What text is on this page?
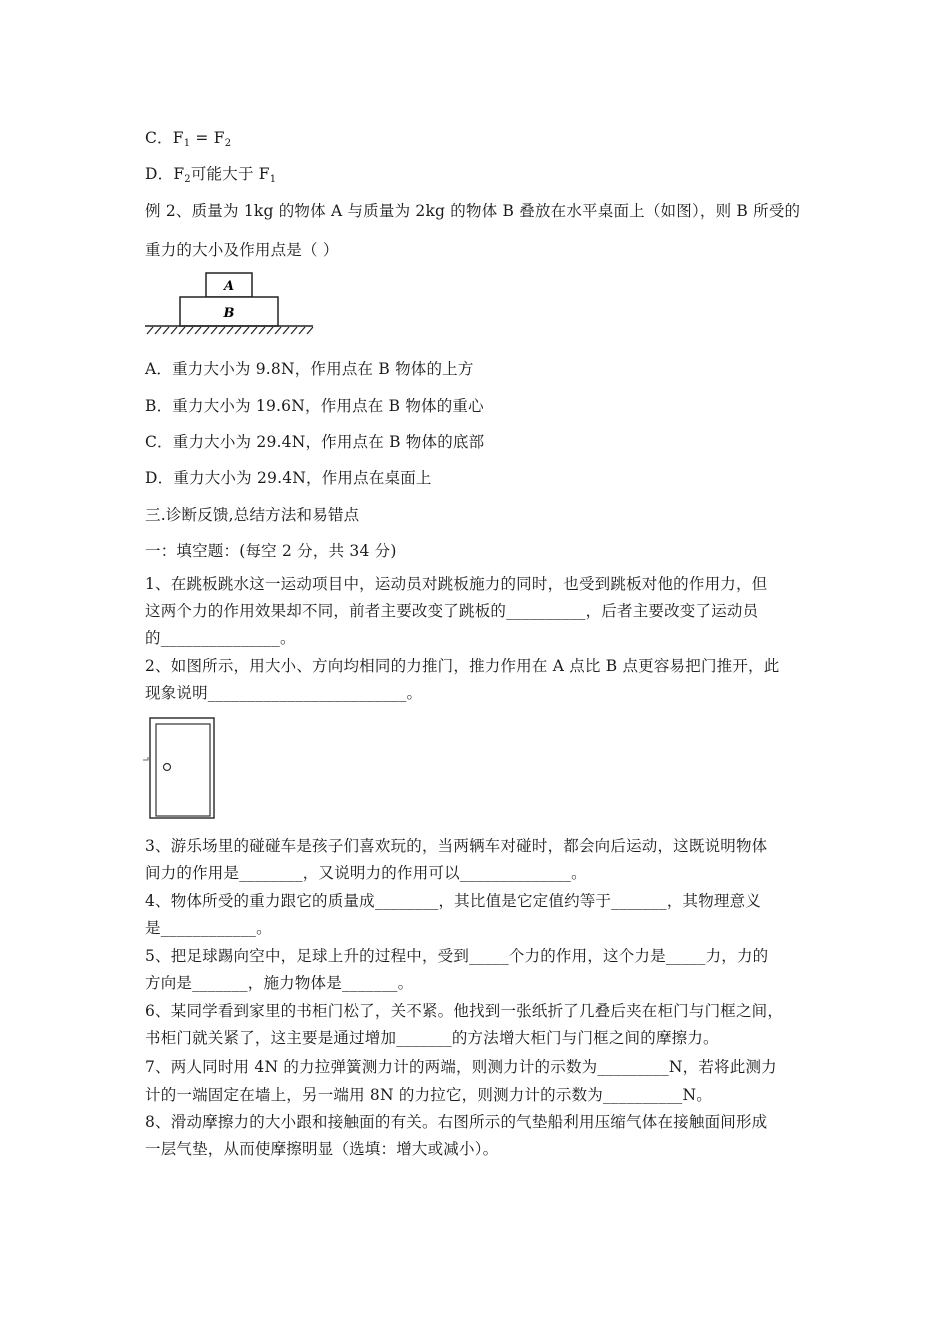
C．$F_1 = F_2$
D．$F_2$可能大于 $F_1$
例 2、质量为 1kg 的物体 A 与质量为 2kg 的物体 B 叠放在水平桌面上（如图），则 B 所受的
重力的大小及作用点是（ ）
A
B
A．重力大小为 9.8N，作用点在 B 物体的上方
B．重力大小为 19.6N，作用点在 B 物体的重心
C．重力大小为 29.4N，作用点在 B 物体的底部
D．重力大小为 29.4N，作用点在桌面上
三.诊断反馈,总结方法和易错点
一：填空题：(每空 2 分，共 34 分)
1、在跳板跳水这一运动项目中，运动员对跳板施力的同时，也受到跳板对他的作用力，但
这两个力的作用效果却不同，前者主要改变了跳板的__________，后者主要改变了运动员
的_______________。
2、如图所示，用大小、方向均相同的力推门，推力作用在 A 点比 B 点更容易把门推开，此
现象说明_________________________。
3、游乐场里的碰碰车是孩子们喜欢玩的，当两辆车对碰时，都会向后运动，这既说明物体
间力的作用是________，又说明力的作用可以______________。
4、物体所受的重力跟它的质量成________，其比值是它定值约等于_______，其物理意义
是____________。
5、把足球踢向空中，足球上升的过程中，受到_____个力的作用，这个力是_____力，力的
方向是_______，施力物体是_______。
6、某同学看到家里的书柜门松了，关不紧。他找到一张纸折了几叠后夹在柜门与门框之间，
书柜门就关紧了，这主要是通过增加_______的方法增大柜门与门框之间的摩擦力。
7、两人同时用 4N 的力拉弹簧测力计的两端，则测力计的示数为_________N，若将此测力
计的一端固定在墙上，另一端用 8N 的力拉它，则测力计的示数为__________N。
8、滑动摩擦力的大小跟和接触面的有关。右图所示的气垫船利用压缩气体在接触面间形成
一层气垫，从而使摩擦明显（选填：增大或减小）。
